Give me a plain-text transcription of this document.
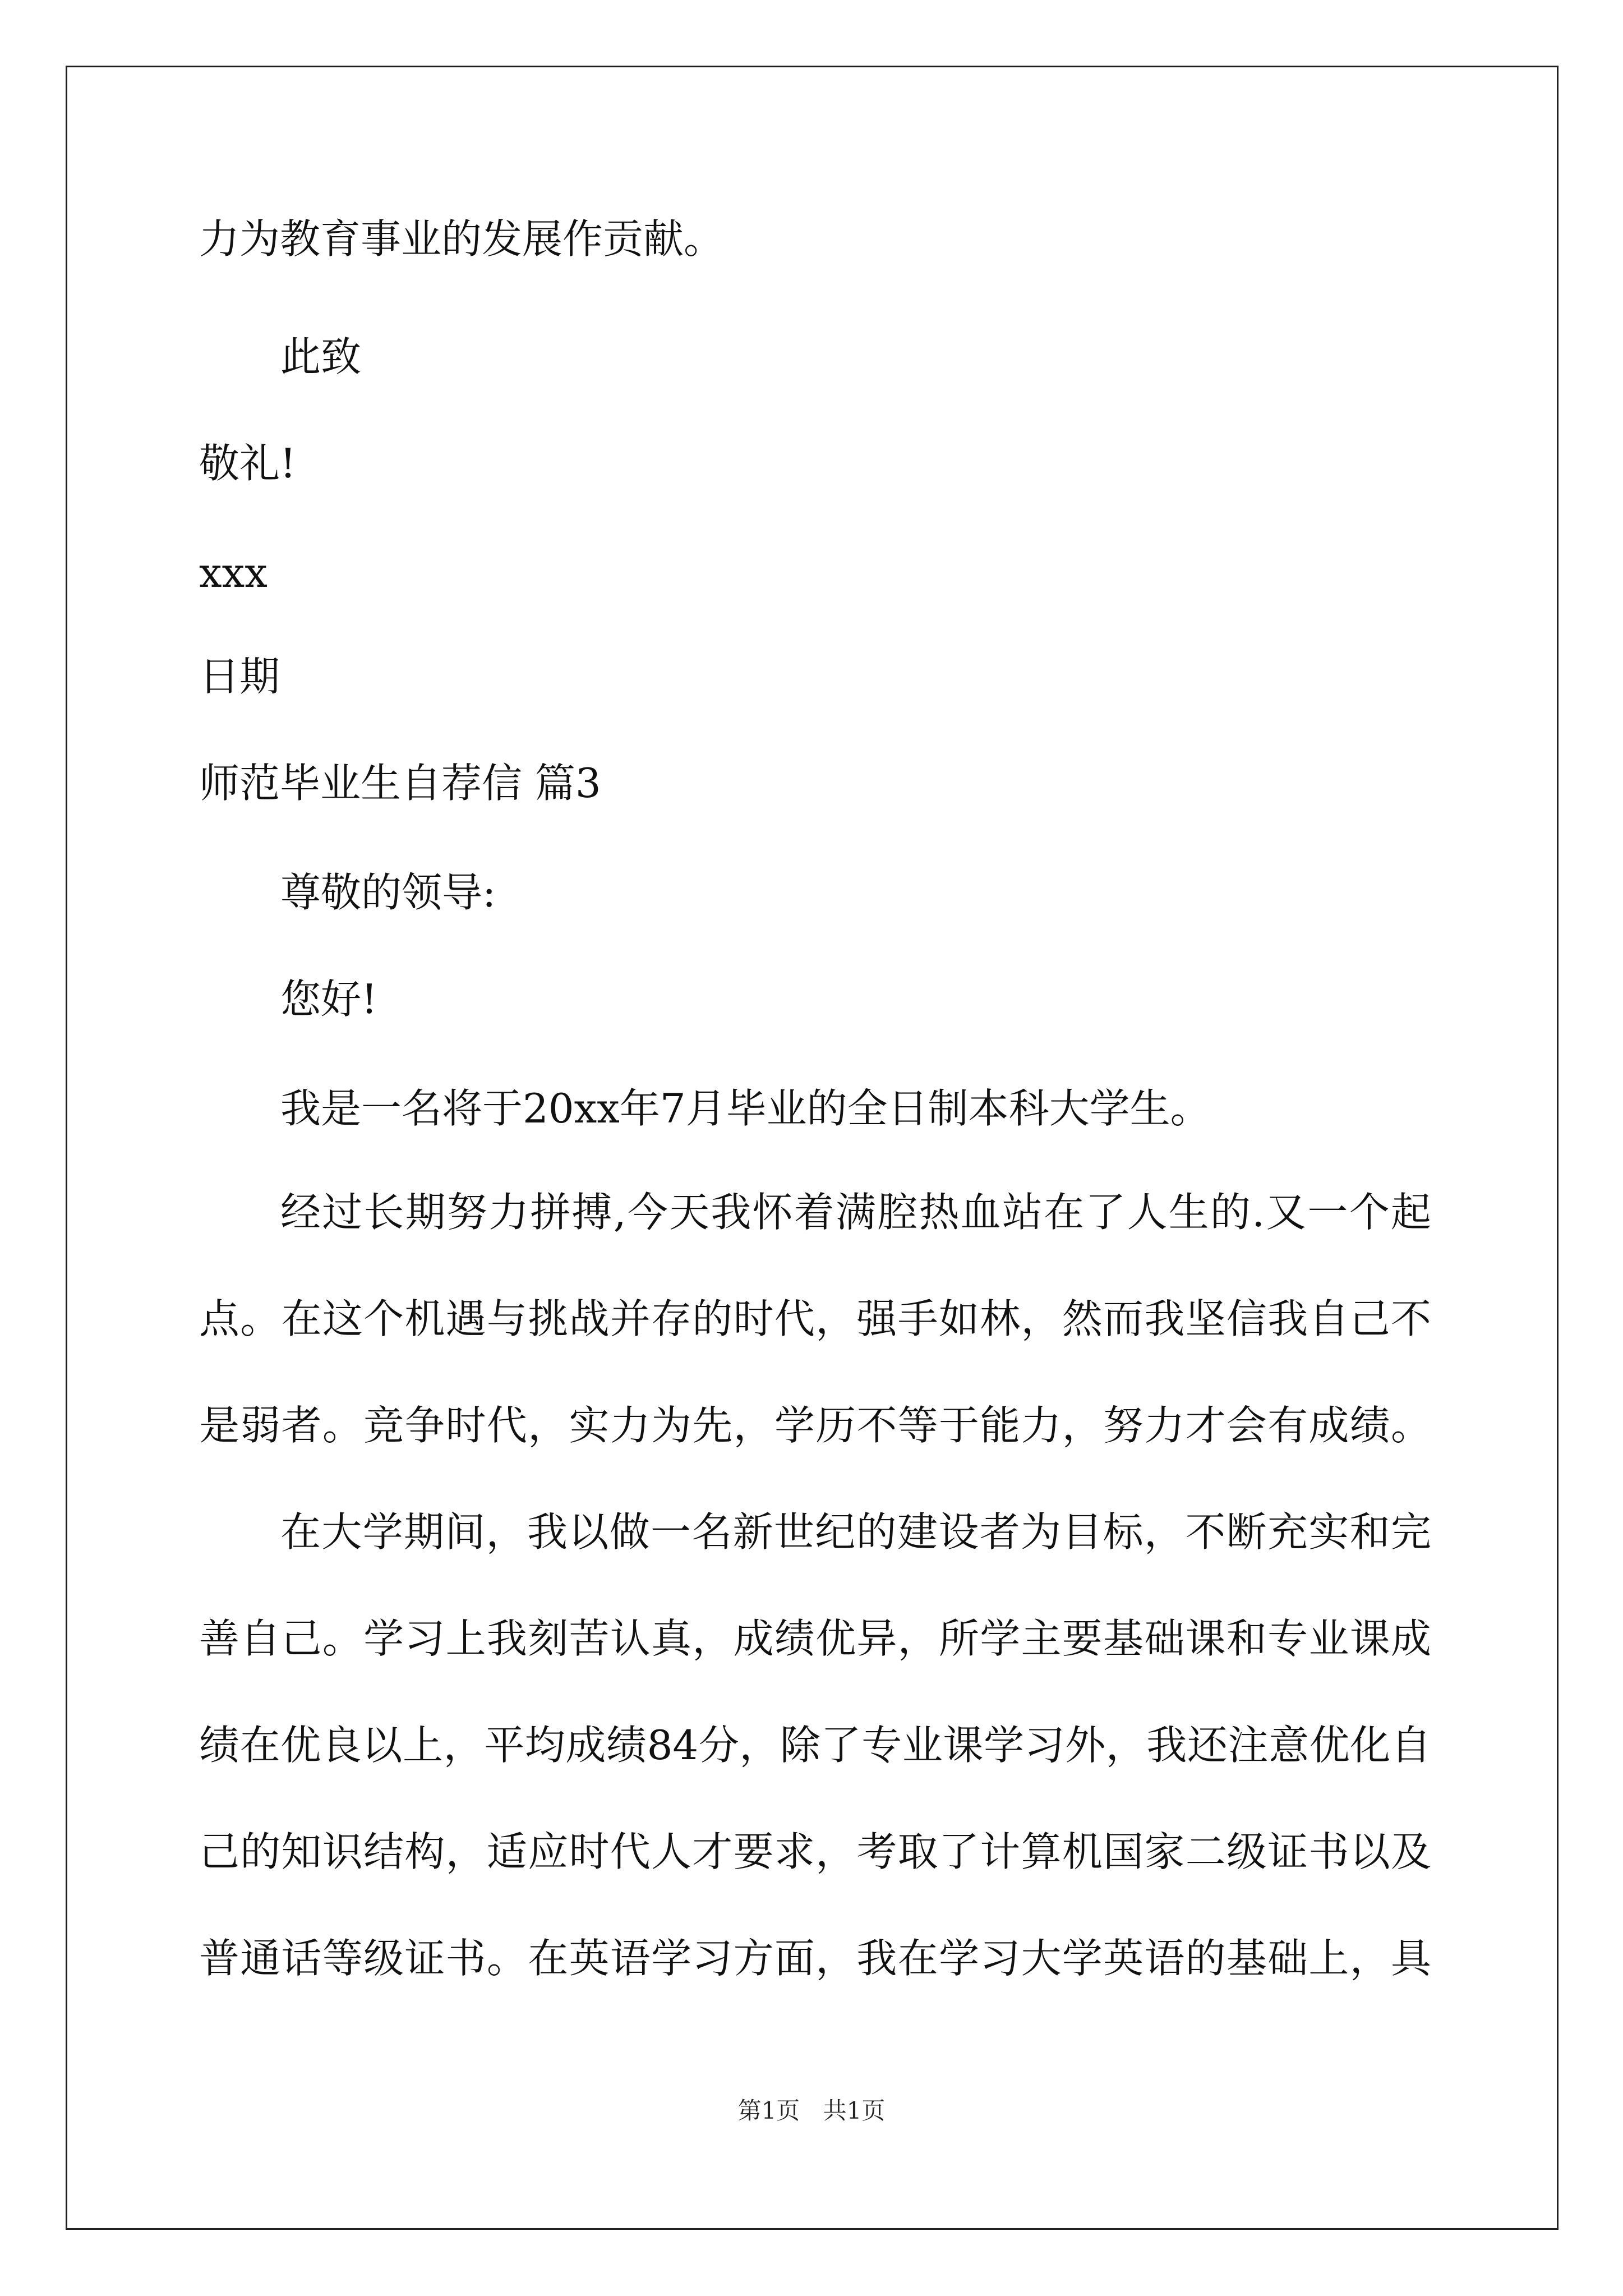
力为教育事业的发展作贡献。

此致

敬礼!

xxx

日期

师范毕业生自荐信 篇3

尊敬的领导:

您好!

我是一名将于20xx年7月毕业的全日制本科大学生。

经过长期努力拼搏,今天我怀着满腔热血站在了人生的.又一个起

点。在这个机遇与挑战并存的时代，强手如林，然而我坚信我自己不

是弱者。竞争时代，实力为先，学历不等于能力，努力才会有成绩。

在大学期间，我以做一名新世纪的建设者为目标，不断充实和完

善自己。学习上我刻苦认真，成绩优异，所学主要基础课和专业课成

绩在优良以上，平均成绩84分，除了专业课学习外，我还注意优化自

己的知识结构，适应时代人才要求，考取了计算机国家二级证书以及

普通话等级证书。在英语学习方面，我在学习大学英语的基础上，具

第1页 共1页
